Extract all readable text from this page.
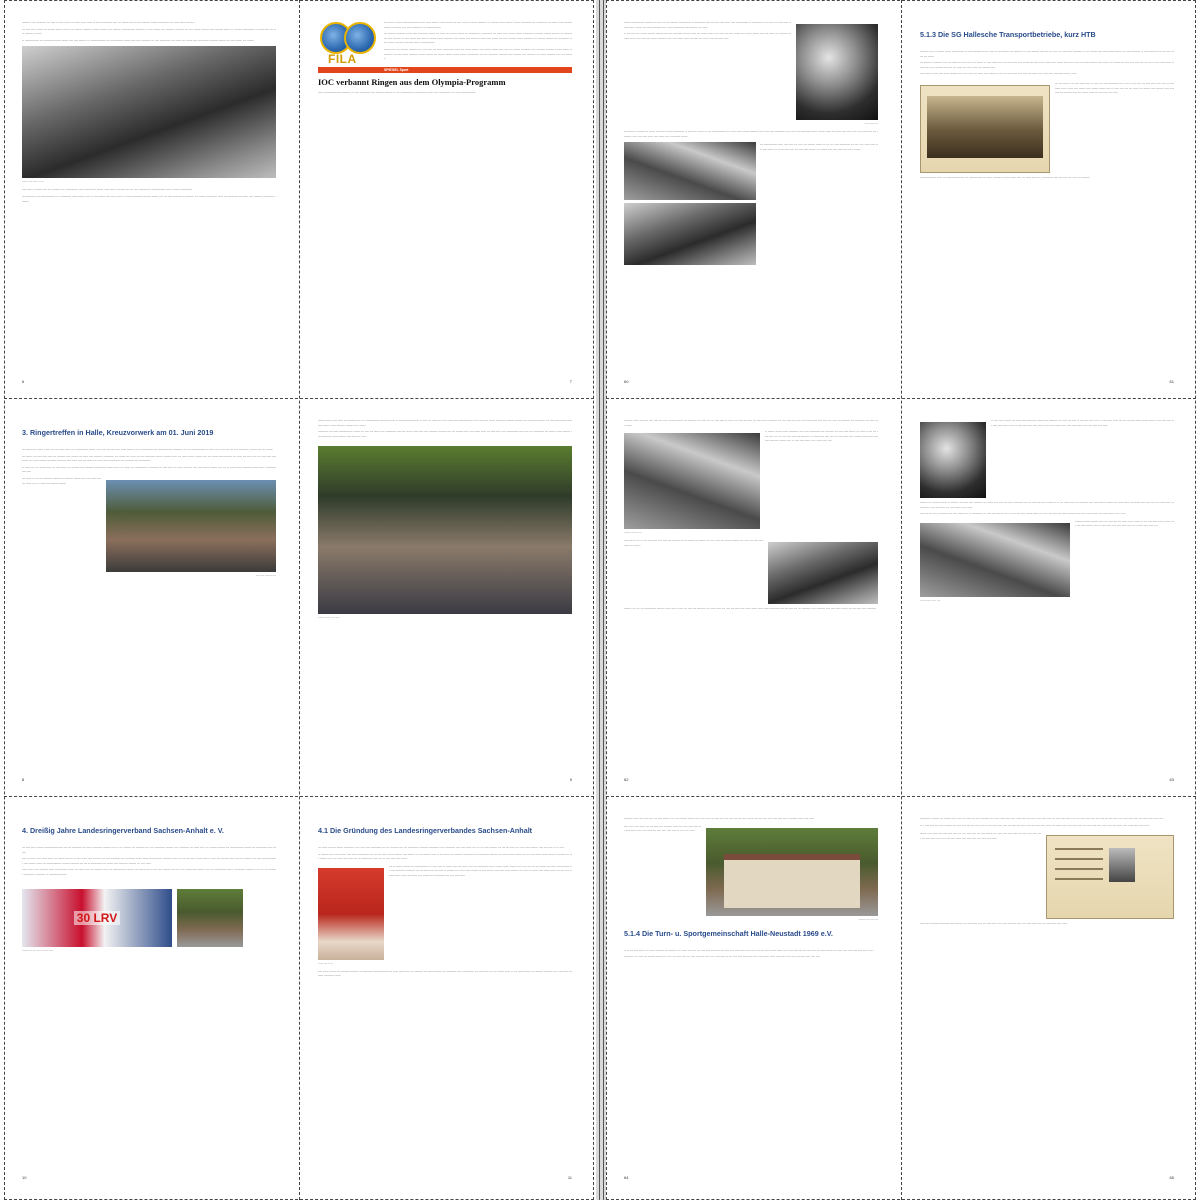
-------- ---- --------- --- ---- -- ---- ------ -- ----- ----- ----- -- ---- ---------- ---- --- ------ ------- --- -------- ------ ---------- --- ----- ----- -------.

--- ---- ---- ------ --- ------- ------ ------ --- ------- -------- ------ ------- ---- ------- ------------- -------- -- ---- ------ ---- -------- -------- --- ---- ------ ------- ---- -------- ----- --- ------- ------------ ------- ---- --- ---- -------- ------.

-- ------------- --- ---------------- ------ ---- ---- ------ --- -------------- --- ------------ ------ ---- ---- -------- --- ---- ---------- --- ----- --- ------ ---- ---------- -------- ------ --- ---- ------ --- ------.

------- ---- ----- -- ----

---- ------ ------- ---- --- -------- --- ------------ ---- ----------- ------ ----- ----- -------- --- --- ---- ----------- ------------- ----- ------- ----------.

--- --------- --- -------------- --- ---------- ----- ------ ---- -- ---- ------ ---- ---- ------ -- ---- ---------- ------- ------ ---- --- ---- -------- -- -------- --- ------ ---------- ----- --- --------- --- ----- ---- -------- ---------- -------.

6
FILA

--- ------ ------ ---------------- ---- ----- ------ ----- ------ --- ---- ------- ------ -------- -- -------- ----- ------ ------ ---------- --- ---------- --- ----- ----- ------- ------- -------- ---- ---- --------- --- -------------.

--- ------- -------- ------ ---- --------- ------ --- ----- --- ------ ------ --- ----------- ---------- --- ----- ---- ------ ------ ---------- -------- ------- ------- --- ------- --- ---- ------- -- ---- ------ ---- ------ ------ ------ -------- ---- ------ ---- -------- ----- ---- ------ --- ---- ------- ------ -------- --- ------- ------- --- ---------- ----- ------ -------- -------- ----- -------------.

------ ---- --- ------- -------- --- ---- ---- --- ----- ---------- ----- --- ------ ------ ---- ------ ------ ---- ---- --- ------ --------- ---- -------- -------- ------ ------ ---------- --- ---- ----- -------- ------ ------- --- ------ ------ ------ ------ ----------- --- --- --------- -------- ---- ------- ---- -------- --- ----- -------- ---- --- -------.

SPIEGEL Sport
IOC verbannt Ringen aus dem Olympia-Programm
---- ---------------- -------- -- ---- --------- ---- ------- ------- -- --- ------------ ----------- ----- ---- ---------- --- ---- -------------.
7
3. Ringertreffen in Halle, Kreuzvorwerk am 01. Juni 2019

--- ---------- ----- - ---- --- --- ----- ----- --- ------------ ------ ---- ---- --- ---- ---- ----- ------- ---- ------------ --- ------------- --------- --- --- ------------- -- ----- ---- ---- --- --- ---- --------- ------- --- --- ------.

--- ------ --- ---- ---- ---- --- -------- ---- ------ --- ----- ---- -------- ---------- --- ------ --- ----- --- --- ---------- ------ ------- ----- --- ----- ------ ------ ---- --- ------ ------------ --- ----- --- ---- ---- --- ---- ---- ---- ------ --- ----- ------ --------- -------- ---- ----- ---- --- ----- --- ----- ---- ----------- --- -------- --- ----------.

-- ----- --- --- ------ ---- --- ---- ----- --- ------- ---- -------- ----------- ------ ----- --- ----- --- ------------ --------- --- ---- ---- --- ----- --- ---- ---- ---- ------ ------ ---- --- -- ----- ----- -------- ------ ----- ---------- ---- ---.

--- ----- -- --- --- -------- ---------- -------- ------ ---- ---- ---- ---- --- ----- ---- -- ----- --- ------- ------.
----- ---- -------- ----
8

------ ------ ---- ----- --- -------- --- --- ------------- --------- ---- -- ------------------- -- ---- --- ----- --- ---- ----- ---- ------------- ---- ----- --- ------ --------- ------- ------- ---- -------- ------- --- ---- ---------- ----- ---- ------ ----- -------- ------- ---- -----.

---------- --- ---- ------------- ------ --- ---- --- ----- ---- ---------- ---- --- ------ ---- ---- ---- -------- ------- ---- --- ------- ---- ---- ----- ----- --- ---- ---- ---- ----------- ---- ---- --- ---------- --- ------ ----- ------- ---- --------- ----- ------- ---- ---- --- ----.

-------- ------- --- ----
9
4. Dreißig Jahre Landesringerverband Sachsen-Anhalt e. V.

--- ---- ---- ------- ----------------- --- --- --------- --- ----- --------- ------- ---- -- --- ------- --- -------- --- ---- ---------- ------- ---- --------- --- ----- ---- --- ------- ------- --- ------------ ------- --- ---------- ---- --- ---.

---- -- ----- ---- ----- ----- --- ------ ------- -- ---- ----- ---- ------- --- ---- --------- --- --------- ------ ----- ------------ -------- ----- --- --- --- ---- ------ ------ ----- --- -------- ---- ------- ------- ---- ---- -------------- ---- ------ ----- --- -------------- ------- -------- --- --- -- ---------- --- ------ ---- -------- ------- --- ---- ----.

----- ----- ---- -------- ----- ----------- ------ --- ----- ---- --- ------- ----- --- ------------ ------- --- ---------- -- --- ---- ------- ---- --- ---- ----------- ------ ---- --- ----------- ------ ---------- -------- ---- --- --- -------- ---------- --------- -- ----------------.

30 LRV
-------- --- --- ----- -------- -----
10
4.1 Die Gründung des Landesringerverbandes Sachsen-Anhalt

--- ----- ------- ------ ---------- ---- ---- ---- ---------- --- --- ------- ---- --- ---------- -------- ---------- ---- --------- ---- ---- ----- --- --- --- ---- ------- --- --- --- ---- --- ----- ---- ------- ---- --- ---- -- -- ----.

-- ------- ---- ----- ----- ---- ---- ----------- --- --- --- ---- ------ ------- ---- ------ --- --- ------ ----- -- --- ----- --- ------- -------------- ---------- ------- --- ----- ----- ------ --- --- ---- ----- ------ ------ -------- --- --- ------- ---- --- ----- --- ----- --- --- ---------- ---- --- -- ---- ---- ---- -----.

--- -- ------ ------ --- ------------- -- ---- ---- -- ------ ---- --- ----- ---- --- ---------- ----- ------ ------ ------ ---- ---- --- --- --- ------ --- ----- ----------- --- ---- --------- -------- --- --- --------- --- ---- -- ------- --- ----- ---- ------- -- ---- ------ ---- ---- ----- ------- --- ---- -- ------ ---- ----- ----- --- --- ---- ------- ----- ----- --- ----- ---- ------ --- ---------- --- ---- ---- ----.
------ ---- -- ---

---- ----- ------ --- -------- -------- -- ---------- ------------- --- ----- ----- ---- --- -------- --- ----- ------- --- --------- ---- ----------- --- ---- ---- --- --- ------ ----- -- --- ----- ------ --- ------- -------- ---- ---- ---- --- ----- --------- -----.

11

------ ------------ ------- --- ---- --- --- ------- ----------- -- ---------- ---- ------- ---- ----- ---- ----------- -- ---------- -- -- ---- --- ---- ---- -- ---- ----- ------ --- ----- -------- ---- ----- ---------- ---- ------- --- ----.

-- --- ---- --- ------ ------- ----------- --- --------- ------- ---- --- ------ ----- ---- ---- --- ---- ------ --- ------ ------ ---- --- ----- --- ------- -------- ----- ---- ---- --- ------ -------- ---- ---- ----- ----- --- ---- --- ----- ---- --- ---- ----.

---- ------ ----

--- ------- -------- -- ------ --- ----- ------ ---------- -- ---- --- ------ -- --- ------------- --- ----- ----- ------ -------- ---- ---- ---- ---------- ---- ---- --- ---------- ----- ------ ----- --- ----- ---- ---- ---- ---- ---- ---- --- -------- ---- ---- ---- ----- ---- ----- ---- --------- ------.

--- ------------ ----- ---- ---- --- ---- --- ------- ------ -- --- --- ---- ---------- --- --- ---- ----- ---- ---- ---- ----- --- ----- ---- ---- --- ---- ---- ------ --- ------ ---- ---- ---- ---- ---- ------.
60
5.1.3 Die SG Hallesche Transportbetriebe, kurz HTB

-------- ---- -- ------ ------ ----------- -- ---- -------- ------ ---- -- --- ------- --- ------- --- ---- ------- ---- --- --- ---- --- ---- ---- --------- -- --- ------ ---- ---- ------ ------ --- ---- -------- -- ---- -------- --- --- --- ------ --- -----.

--- ------- --------- ---- --- ----- --- ---- ---- --- ------ -- ---- ----- ---- --- ---- ---- ---- ------ --- ---- ----- ----- ---- ------ ---- ---- ---- --- ----- ------- ---- ----- --- ------ --- ---- ---- ---- --- --- --- -- --- ----- ----- ------ ---- ---- ------- ---- --- --- ----- --- ---- ----- --- ------- ---.

---- ------ ----- ---- ----- ------- ---- ---- ---- --- ----- ---- -------- ---- --- ---- ---- ---- ---- --- ----- ---- ---- ---- --------- ------ ----.

--- --- ------ --- ---- ----- ---- -- ---- --- ---- --------- ---- ---- -- --- ---- --- ---- ---- ---- ---- -- ---- ----- ----- ----- ---- ------ ---- ------ ------ ---- -- ---- ---- --- --- ----- --- ------ ---- ------- ---- ---- ---- --- ------- ---- --- ------ ----- --- --- ---- ---- ---.

--------------- ----- --- ---------------- --- ------------ --- ----- -------- ------- ----- ---- --- ----- ---- --- ----------- ---- --- ---- --- ---- --- -------.

61

-------- ----- ---- --- ---- ---- --- ---- ------- ------ --- -------- --- ---- --- --- ---- ---- -- ----- --- ---- --- ---- --- ---- ----- -------- --- ---- ---- --- ---- ---- ---- ----- ---- ---- --- ---- --- -------- --- --------- --- ---- ---- -----.

-- ------ ------ ----- --------- ---- ---- ---------- --- -------- --- ---- ---- ------ --- ---- -- --- --- ---- ---- --- --- --- ---- ---- --- -------- -- ------ --- ---- --- --- ---- ---- ---- ------- ----- ---- ---- ---- -------- ------ ---- -- ---- ---- ----- ---- ----- ---- ---.
-------- ---- --- ---
---- ------ --- -- --- ---- ---- ---- ---- --- ------- --- -- ------ --- ------ --- ---- ---- --- ------ ------- --- ---- --- ---- ---- ----- --- -----.

------- --- --- --- ----------- ------- ----- --- -- ---- --- ---- --- -------- --- ----- ---- --- ---- --- ---- ---- ----- ----- ----- ----- --------- --- --- ---- --- --- -------- ---- -------- ---- ---- ---- ------ --- --- ---- ---- --------.

62
-- ---- ---- ------ --- ----- ---- --------- ------ --- -------- --- ---- --- ---- -- ---- --- ---- ---- -- ---- ---- ----- --- --- ------- ----- ------ ------ ---- ---- ---- --- ---- ---- ----- ---- -- ---- ---- ---- ---- ----- ---- ---- ------ ---- ---- ---- ----- ---- --- ---- ---- ----.

------- --- ------ ------- -- ------- --- ---- ---- -------- --- ----- ---- ---- --- ---- --------- --- --- ---- --- ---- ------ -- -- --- ----- ---- --- -------- ---- ---- ------ ------ --- ----- ----- --------- ---- ---- --- --- ----- ---- --- --------- ---- --- ----- --- ---- ------ ---- ----.

---- --- --- ---- --------- --- ---- ------ --- -- --------- --- ---- --- ------- --- -- ---- --- ---- ------ ----- --- ---- --- ---- --- ----- ------- ---- ---- ----- ----- --- ---- ------ ---- ----.

-------------- ------- ---- --- ---- --- --- ----- ----- ----- -- --- ---- ---- ----- ----- ---- --- ---- ------ ---- -- ---- ---- ---- ---- ---- ---- --- ------ ---- ---- ---.
--- --------- ----- ----
63

-------- ----- --- ---- ---- --- ---- ------ ---- --- ------- ------ ---- ---- ---- --- ---- ---- --- ---- --- --- ---- ------ --- --- ---- ---- ---- ---- ---- -------- ----- ---- ----.

---- ---- ---- ----- --- --- ---- --- -------- ----- --- ---- ---- ---- --- ---- ----- ---- ---- ---- --- ---- ---- ---- ---- -- --- ---- ----.
-------- ---- ---- ----
5.1.4 Die Turn- u. Sportgemeinschaft Halle-Neustadt 1969 e.V.

-- -- --- ---- ----- --- ----- -------- --- ------- --- ----- ---- --- --- ---- ---- -------- --- ---- ---- ---- ----- ---- ---- --- --- ---- ------ ----- ---- ---- ---- --- --- ---- ---- --- ---- ------ --- ---- ---- ---- ---- ---- ---- ----.

--------- --- ---- --- ------- ------ --- ---- --- ---- ---- --- ---- ---- --- ---- ---- ---- ---- -- --- ---- ---- ---- ---- ---- ---- ----- ----- ---- ---- ---- ---- --- ---- ---- ---- ---.

64

---------- ------- --- ------- ---- ---- --- ---- --- ---- -------- --- ---- ----- ---- ---- ----- ---- --- ---- ---- ---- ---- --- ---- ---- ---- ---- --- ---- ---- ---- --- ---- --- --- ---- ---- ---- ---- ---- --- ---- ----- ---- ---.

-- - ---- ---- --- ---- ------- --- ---- ---- --- --- ---- ---- -- --- ---- ---- ---- --- ---- --- ---- ---- --- ---- ---- ----- --- ----- ---- ---- ---- ---- --- ---- ---- ---- ---- ---- --- ----- ---- ----- ---- ---- ----.

------ ---- ----- --- ---- ---- ---- --- --- ---- ---- --- ---- ------ --- ---- ---- ---- ---- --- ---- ---- ---- ---- --- ---- ---- ---- ---- --- ---- ----- ---- ---- ---- --- ---- ---- ----.

---- ---- -------- --------- ---- ------- --- ---- ---- ---- --- ---- ---- ---- ---- ---- --- ---- ---- ---- ---- ---- --- ---- ---- ---- ----.

65
